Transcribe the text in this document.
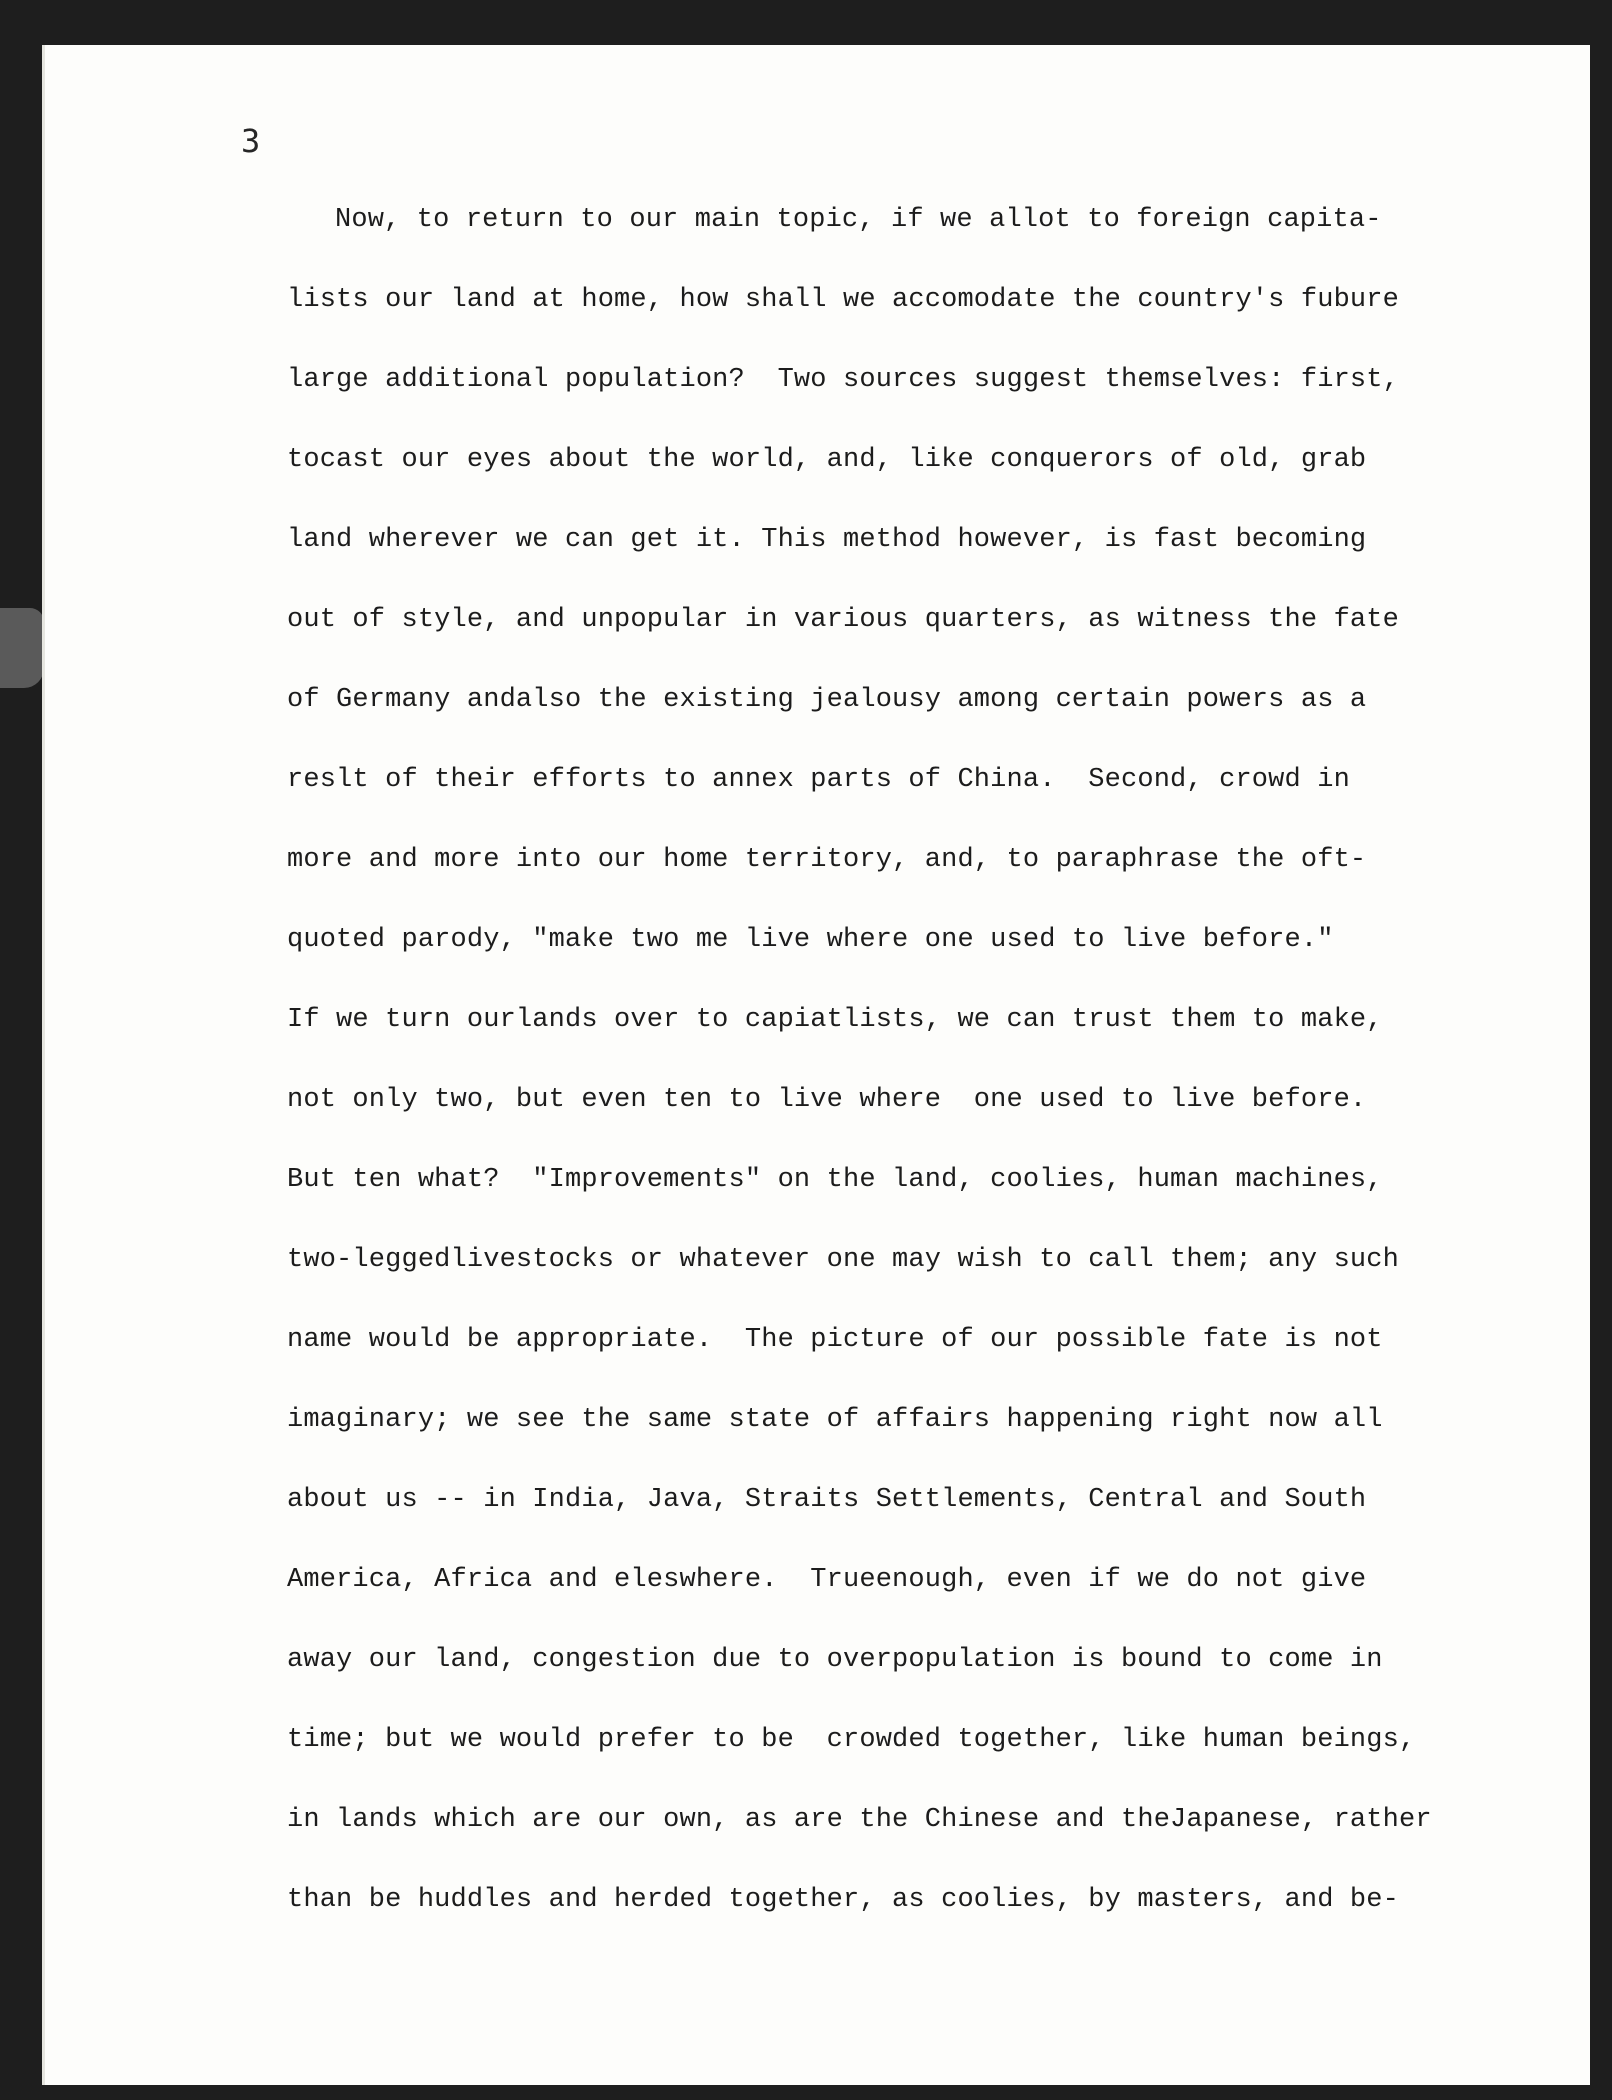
3
Now, to return to our main topic, if we allot to foreign capita-
lists our land at home, how shall we accomodate the country's fubure
large additional population?  Two sources suggest themselves: first,
tocast our eyes about the world, and, like conquerors of old, grab
land wherever we can get it. This method however, is fast becoming
out of style, and unpopular in various quarters, as witness the fate
of Germany andalso the existing jealousy among certain powers as a
reslt of their efforts to annex parts of China.  Second, crowd in
more and more into our home territory, and, to paraphrase the oft-
quoted parody, "make two me live where one used to live before."
If we turn ourlands over to capiatlists, we can trust them to make,
not only two, but even ten to live where  one used to live before.
But ten what?  "Improvements" on the land, coolies, human machines,
two-leggedlivestocks or whatever one may wish to call them; any such
name would be appropriate.  The picture of our possible fate is not
imaginary; we see the same state of affairs happening right now all
about us -- in India, Java, Straits Settlements, Central and South
America, Africa and eleswhere.  Trueenough, even if we do not give
away our land, congestion due to overpopulation is bound to come in
time; but we would prefer to be  crowded together, like human beings,
in lands which are our own, as are the Chinese and theJapanese, rather
than be huddles and herded together, as coolies, by masters, and be-
